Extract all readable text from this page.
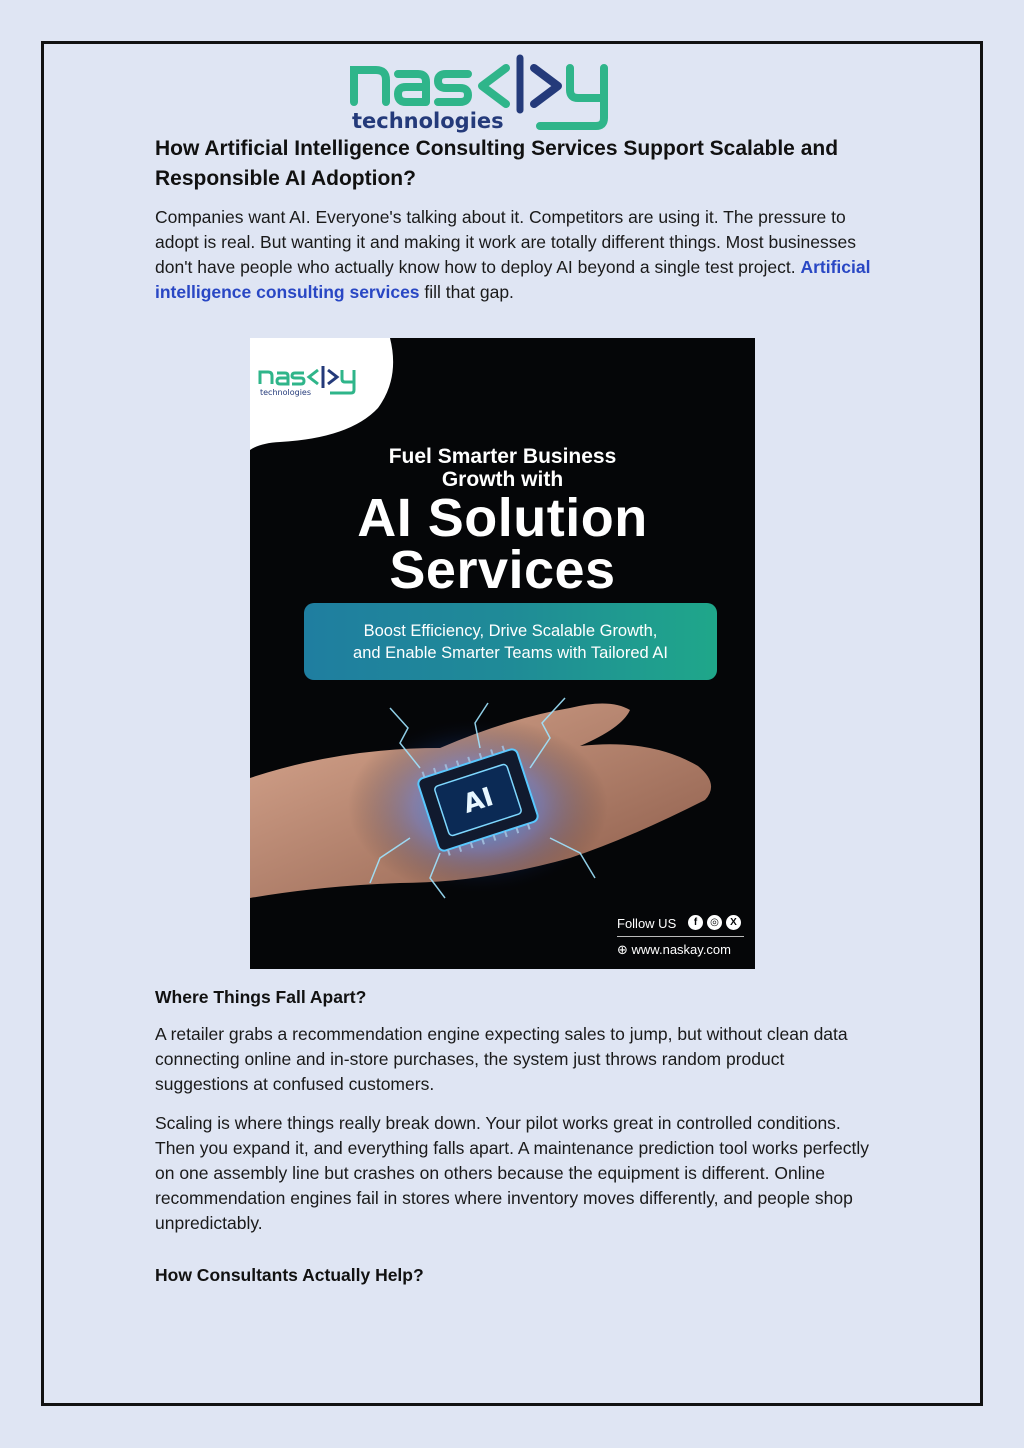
technologies
How Artificial Intelligence Consulting Services Support Scalable and Responsible AI Adoption?

Companies want AI. Everyone's talking about it. Competitors are using it. The pressure to adopt is real. But wanting it and making it work are totally different things. Most businesses don't have people who actually know how to deploy AI beyond a single test project. Artificial intelligence consulting services fill that gap.

AI
technologies

Fuel Smarter Business

Growth with

AI Solution

Services

Boost Efficiency, Drive Scalable Growth,
and Enable Smarter Teams with Tailored AI
Follow US	f	◎	X
⊕ www.naskay.com
Where Things Fall Apart?

A retailer grabs a recommendation engine expecting sales to jump, but without clean data connecting online and in-store purchases, the system just throws random product suggestions at confused customers.

Scaling is where things really break down. Your pilot works great in controlled conditions. Then you expand it, and everything falls apart. A maintenance prediction tool works perfectly on one assembly line but crashes on others because the equipment is different. Online recommendation engines fail in stores where inventory moves differently, and people shop unpredictably.

How Consultants Actually Help?
